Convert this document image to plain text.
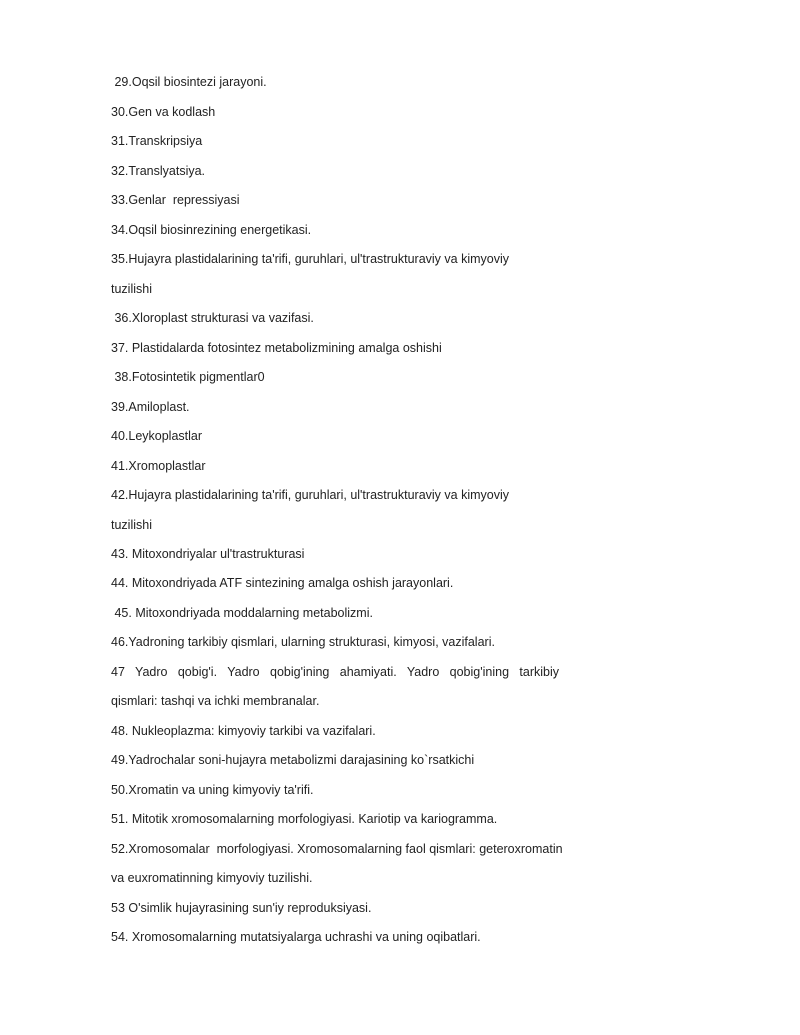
29.Oqsil biosintezi jarayoni.
30.Gen va kodlash
31.Transkripsiya
32.Translyatsiya.
33.Genlar  repressiyasi
34.Oqsil biosinrezining energetikasi.
35.Hujayra plastidalarining ta'rifi, guruhlari, ul'trastrukturaviy va kimyoviy
tuzilishi
36.Xloroplast strukturasi va vazifasi.
37. Plastidalarda fotosintez metabolizmining amalga oshishi
38.Fotosintetik pigmentlar0
39.Amiloplast.
40.Leykoplastlar
41.Xromoplastlar
42.Hujayra plastidalarining ta'rifi, guruhlari, ul'trastrukturaviy va kimyoviy
tuzilishi
43. Mitoxondriyalar ul'trastrukturasi
44. Mitoxondriyada ATF sintezining amalga oshish jarayonlari.
45. Mitoxondriyada moddalarning metabolizmi.
46.Yadroning tarkibiy qismlari, ularning strukturasi, kimyosi, vazifalari.
47 Yadro qobig'i. Yadro qobig'ining ahamiyati. Yadro qobig'ining tarkibiy
qismlari: tashqi va ichki membranalar.
48. Nukleoplazma: kimyoviy tarkibi va vazifalari.
49.Yadrochalar soni-hujayra metabolizmi darajasining ko`rsatkichi
50.Xromatin va uning kimyoviy ta'rifi.
51. Mitotik xromosomalarning morfologiyasi. Kariotip va kariogramma.
52.Xromosomalar  morfologiyasi. Xromosomalarning faol qismlari: geteroxromatin
va euxromatinning kimyoviy tuzilishi.
53 O'simlik hujayrasining sun'iy reproduksiyasi.
54. Xromosomalarning mutatsiyalarga uchrashi va uning oqibatlari.
